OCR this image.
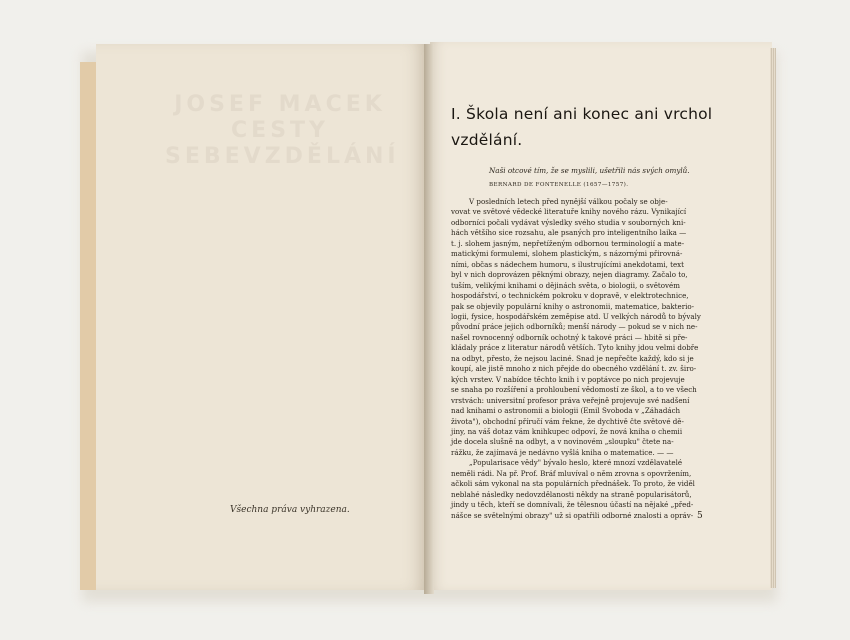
JOSEF MACEK
CESTY SEBEVZDĚLÁNÍ
Všechna práva vyhrazena.
I. Škola není ani konec ani vrchol
vzdělání.
Naši otcové tím, že se myslili, ušetřili nás svých omylů.
BERNARD DE FONTENELLE (1657—1757).
V posledních letech před nynější válkou počaly se obje-
vovat ve světové vědecké literatuře knihy nového rázu. Vynikající
odborníci počali vydávat výsledky svého studia v souborných kni-
hách většího sice rozsahu, ale psaných pro inteligentního laika —
t. j. slohem jasným, nepřetíženým odbornou terminologií a mate-
matickými formulemi, slohem plastickým, s názornými přirovná-
ními, občas s nádechem humoru, s ilustrujícími anekdotami, text
byl v nich doprovázen pěknými obrazy, nejen diagramy. Začalo to,
tuším, velikými knihami o dějinách světa, o biologii, o světovém
hospodářství, o technickém pokroku v dopravě, v elektrotechnice,
pak se objevily populární knihy o astronomii, matematice, bakterio-
logii, fysice, hospodářském zeměpise atd. U velkých národů to bývaly
původní práce jejich odborníků; menší národy — pokud se v nich ne-
našel rovnocenný odborník ochotný k takové práci — hbitě si pře-
kládaly práce z literatur národů větších. Tyto knihy jdou velmi dobře
na odbyt, přesto, že nejsou laciné. Snad je nepřečte každý, kdo si je
koupí, ale jistě mnoho z nich přejde do obecného vzdělání t. zv. širo-
kých vrstev. V nabídce těchto knih i v poptávce po nich projevuje
se snaha po rozšíření a prohloubení vědomostí ze škol, a to ve všech
vrstvách: universitní profesor práva veřejně projevuje své nadšení
nad knihami o astronomii a biologii (Emil Svoboda v „Záhadách
života"), obchodní příručí vám řekne, že dychtivě čte světové dě-
jiny, na váš dotaz vám knihkupec odpoví, že nová kniha o chemii
jde docela slušně na odbyt, a v novinovém „sloupku" čtete na-
rážku, že zajímavá je nedávno vyšlá kniha o matematice. — —
„Popularisace vědy" bývalo heslo, které mnozí vzdělavatelé
neměli rádi. Na př. Prof. Bráf mluvíval o něm zrovna s opovržením,
ačkoli sám vykonal na sta populárních přednášek. To proto, že viděl
neblahé následky nedovzdělanosti někdy na straně popularisátorů,
jindy u těch, kteří se domnívali, že tělesnou účastí na nějaké „před-
nášce se světelnými obrazy" už si opatřili odborné znalosti a opráv- 5
